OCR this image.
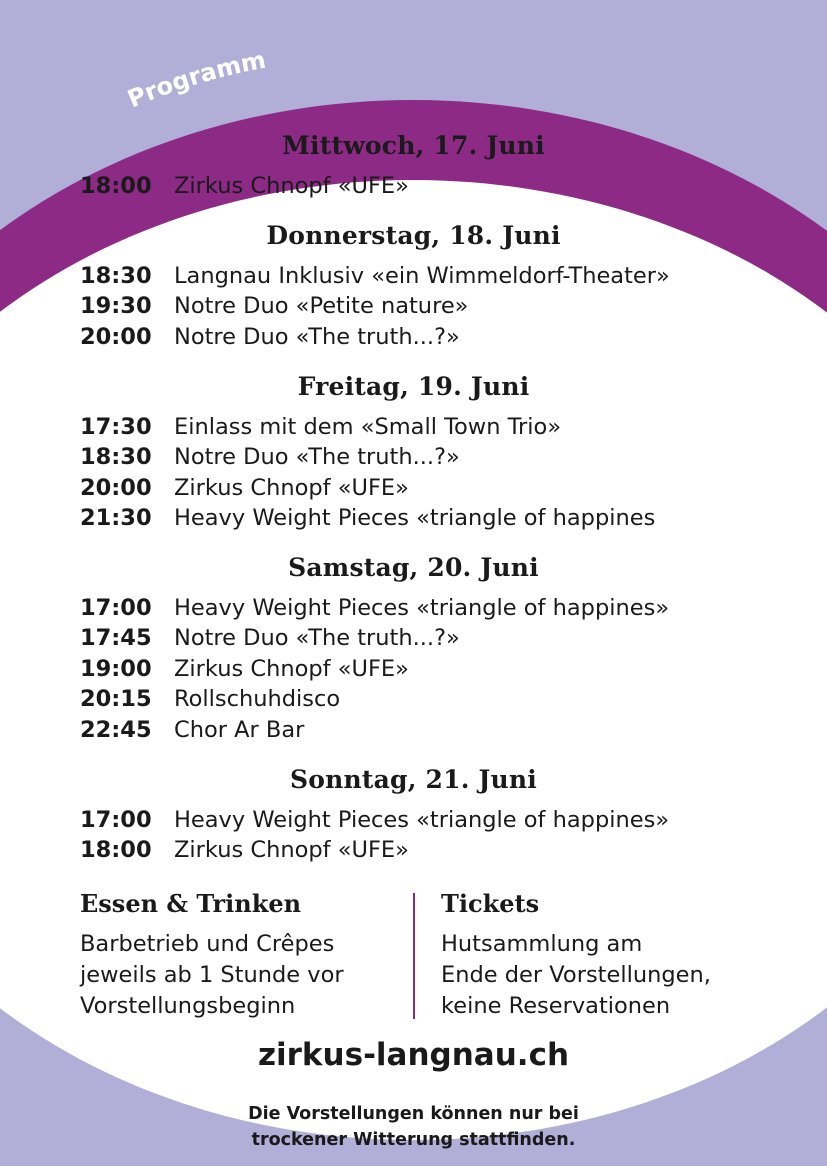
Programm
Mittwoch, 17. Juni
18:00 Zirkus Chnopf «UFE»
Donnerstag, 18. Juni
18:30 Langnau Inklusiv «ein Wimmeldorf-Theater»
19:30 Notre Duo «Petite nature»
20:00 Notre Duo «The truth...?»
Freitag, 19. Juni
17:30 Einlass mit dem «Small Town Trio»
18:30 Notre Duo «The truth...?»
20:00 Zirkus Chnopf «UFE»
21:30 Heavy Weight Pieces «triangle of happines
Samstag, 20. Juni
17:00 Heavy Weight Pieces «triangle of happines»
17:45 Notre Duo «The truth...?»
19:00 Zirkus Chnopf «UFE»
20:15 Rollschuhdisco
22:45 Chor Ar Bar
Sonntag, 21. Juni
17:00 Heavy Weight Pieces «triangle of happines»
18:00 Zirkus Chnopf «UFE»
Essen & Trinken
Barbetrieb und Crêpes
jeweils ab 1 Stunde vor
Vorstellungsbeginn
Tickets
Hutsammlung am
Ende der Vorstellungen,
keine Reservationen
zirkus-langnau.ch
Die Vorstellungen können nur bei
trockener Witterung stattfinden.
